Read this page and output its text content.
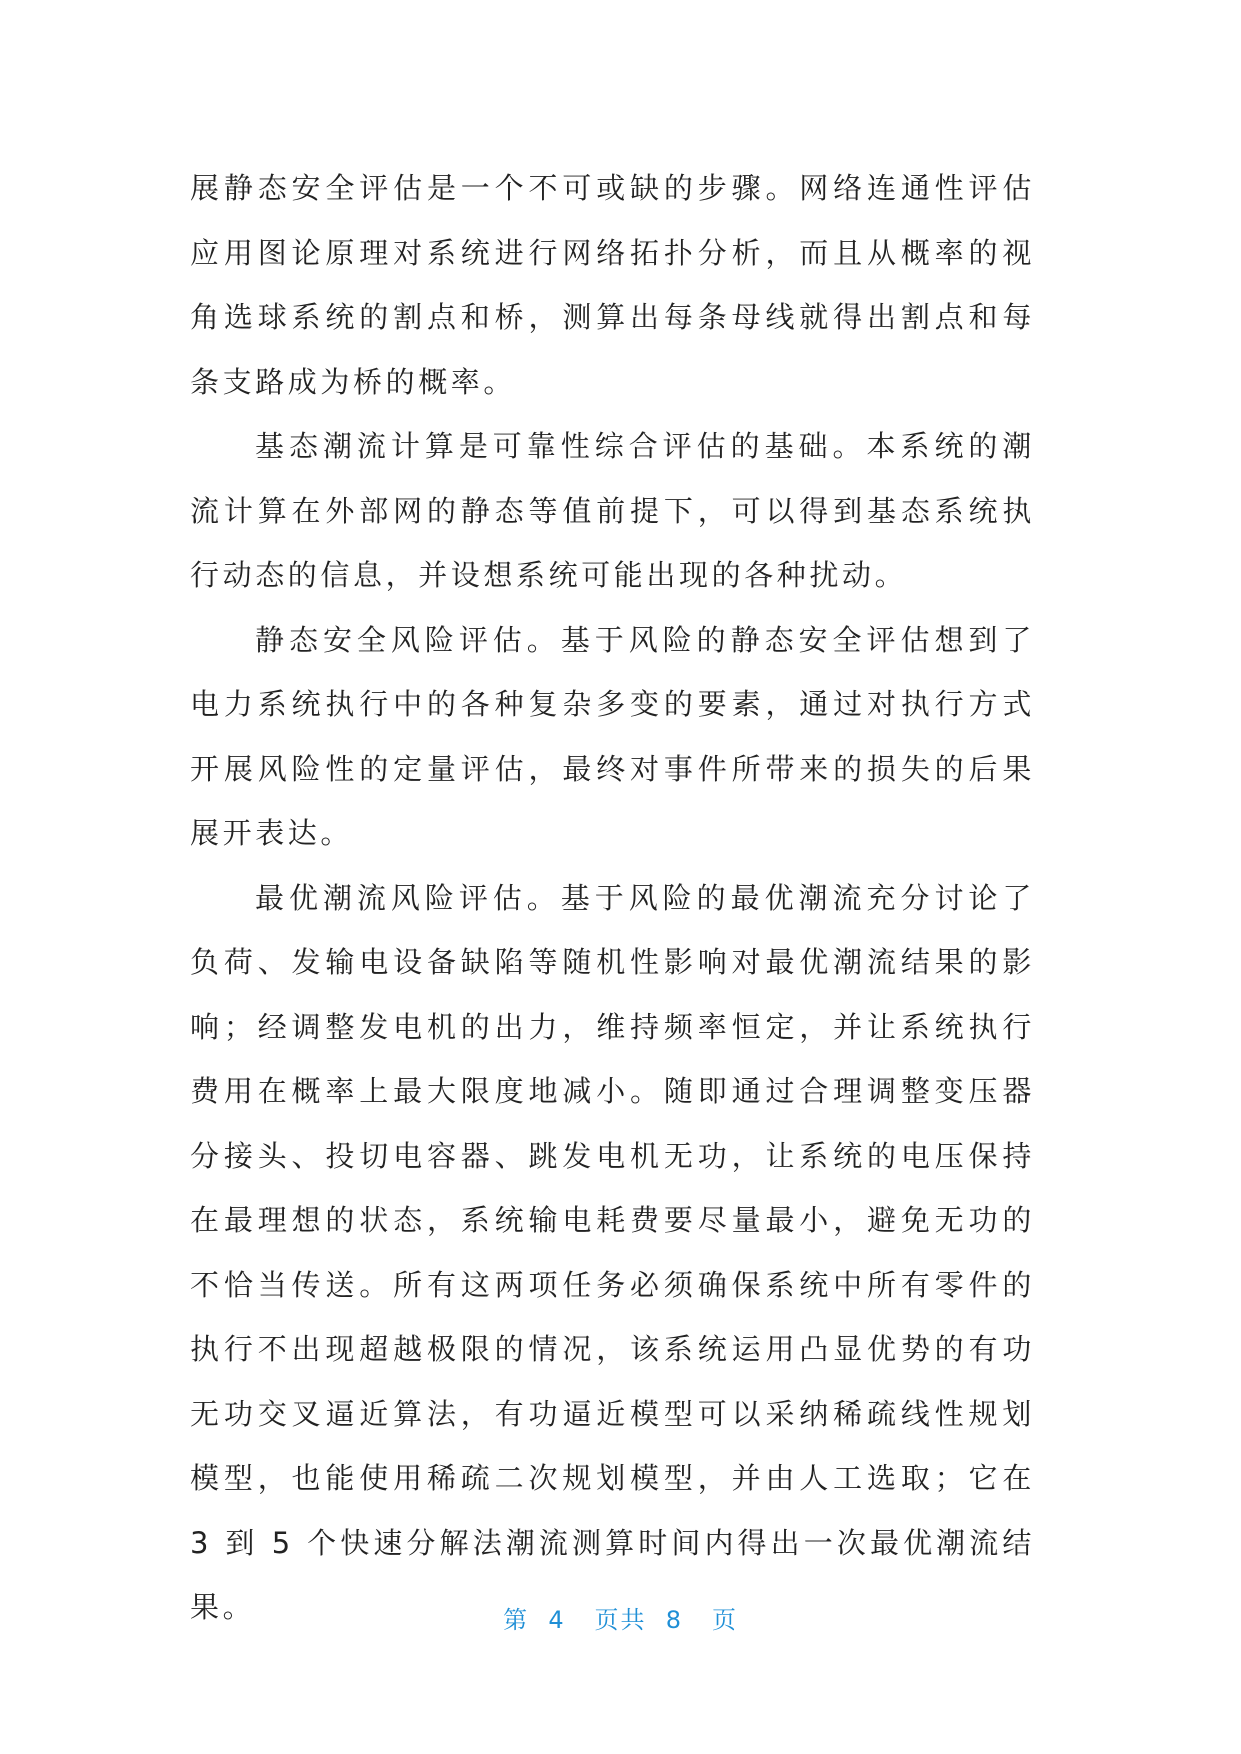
展静态安全评估是一个不可或缺的步骤。网络连通性评估应用图论原理对系统进行网络拓扑分析，而且从概率的视角选球系统的割点和桥，测算出每条母线就得出割点和每条支路成为桥的概率。

基态潮流计算是可靠性综合评估的基础。本系统的潮流计算在外部网的静态等值前提下，可以得到基态系统执行动态的信息，并设想系统可能出现的各种扰动。

静态安全风险评估。基于风险的静态安全评估想到了电力系统执行中的各种复杂多变的要素，通过对执行方式开展风险性的定量评估，最终对事件所带来的损失的后果展开表达。

最优潮流风险评估。基于风险的最优潮流充分讨论了负荷、发输电设备缺陷等随机性影响对最优潮流结果的影响；经调整发电机的出力，维持频率恒定，并让系统执行费用在概率上最大限度地减小。随即通过合理调整变压器分接头、投切电容器、跳发电机无功，让系统的电压保持在最理想的状态，系统输电耗费要尽量最小，避免无功的不恰当传送。所有这两项任务必须确保系统中所有零件的执行不出现超越极限的情况，该系统运用凸显优势的有功无功交叉逼近算法，有功逼近模型可以采纳稀疏线性规划模型，也能使用稀疏二次规划模型，并由人工选取；它在 3 到 5 个快速分解法潮流测算时间内得出一次最优潮流结果。	第 4 页共 8 页
